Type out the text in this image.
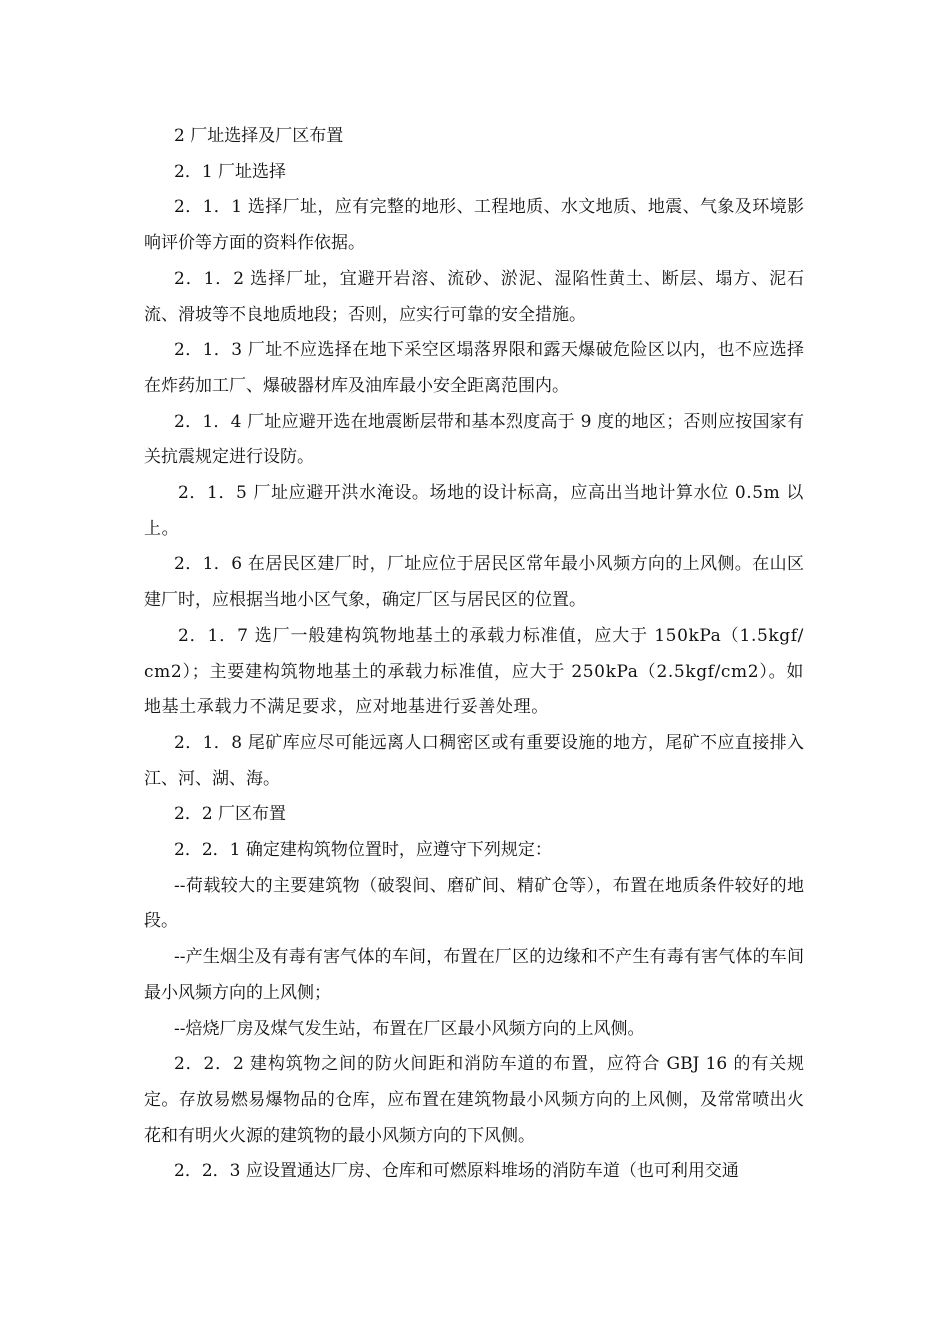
2 厂址选择及厂区布置

2．1 厂址选择

2．1．1 选择厂址，应有完整的地形、工程地质、水文地质、地震、气象及环境影响评价等方面的资料作依据。

2．1．2 选择厂址，宜避开岩溶、流砂、淤泥、湿陷性黄土、断层、塌方、泥石流、滑坡等不良地质地段；否则，应实行可靠的安全措施。

2．1．3 厂址不应选择在地下采空区塌落界限和露天爆破危险区以内，也不应选择在炸药加工厂、爆破器材库及油库最小安全距离范围内。

2．1．4 厂址应避开选在地震断层带和基本烈度高于 9 度的地区；否则应按国家有关抗震规定进行设防。

2．1．5 厂址应避开洪水淹设。场地的设计标高，应高出当地计算水位 0.5m 以上。

2．1．6 在居民区建厂时，厂址应位于居民区常年最小风频方向的上风侧。在山区建厂时，应根据当地小区气象，确定厂区与居民区的位置。

2．1．7 选厂一般建构筑物地基土的承载力标准值，应大于 150kPa（1.5kgf/cm2）；主要建构筑物地基土的承载力标准值，应大于 250kPa（2.5kgf/cm2）。如地基土承载力不满足要求，应对地基进行妥善处理。

2．1．8 尾矿库应尽可能远离人口稠密区或有重要设施的地方，尾矿不应直接排入江、河、湖、海。

2．2 厂区布置

2．2．1 确定建构筑物位置时，应遵守下列规定：

--荷载较大的主要建筑物（破裂间、磨矿间、精矿仓等），布置在地质条件较好的地段。

--产生烟尘及有毒有害气体的车间，布置在厂区的边缘和不产生有毒有害气体的车间最小风频方向的上风侧；

--焙烧厂房及煤气发生站，布置在厂区最小风频方向的上风侧。

2．2．2 建构筑物之间的防火间距和消防车道的布置，应符合 GBJ 16 的有关规定。存放易燃易爆物品的仓库，应布置在建筑物最小风频方向的上风侧，及常常喷出火花和有明火火源的建筑物的最小风频方向的下风侧。

2．2．3 应设置通达厂房、仓库和可燃原料堆场的消防车道（也可利用交通
